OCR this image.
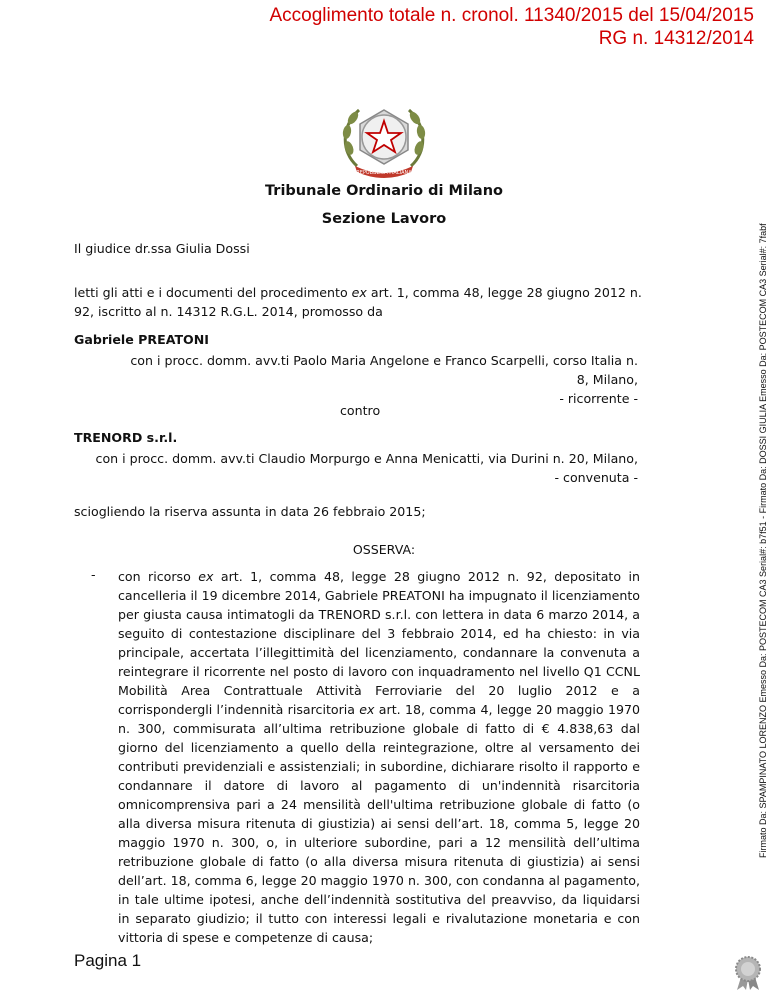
Accoglimento totale n. cronol. 11340/2015 del 15/04/2015
RG n. 14312/2014
REPUBBLICA ITALIANA
Tribunale Ordinario di Milano
Sezione Lavoro
Il giudice dr.ssa Giulia Dossi
letti gli atti e i documenti del procedimento ex art. 1, comma 48, legge 28 giugno 2012 n. 92, iscritto al n. 14312 R.G.L. 2014, promosso da
Gabriele PREATONI
con i procc. domm. avv.ti Paolo Maria Angelone e Franco Scarpelli, corso Italia n.
8, Milano,
- ricorrente -
contro
TRENORD s.r.l.
con i procc. domm. avv.ti Claudio Morpurgo e Anna Menicatti, via Durini n. 20, Milano,
- convenuta -
sciogliendo la riserva assunta in data 26 febbraio 2015;
OSSERVA:
- con ricorso ex art. 1, comma 48, legge 28 giugno 2012 n. 92, depositato in cancelleria il 19 dicembre 2014, Gabriele PREATONI ha impugnato il licenziamento per giusta causa intimatogli da TRENORD s.r.l. con lettera in data 6 marzo 2014, a seguito di contestazione disciplinare del 3 febbraio 2014, ed ha chiesto: in via principale, accertata l’illegittimità del licenziamento, condannare la convenuta a reintegrare il ricorrente nel posto di lavoro con inquadramento nel livello Q1 CCNL Mobilità Area Contrattuale Attività Ferroviarie del 20 luglio 2012 e a corrispondergli l’indennità risarcitoria ex art. 18, comma 4, legge 20 maggio 1970 n. 300, commisurata all’ultima retribuzione globale di fatto di € 4.838,63 dal giorno del licenziamento a quello della reintegrazione, oltre al versamento dei contributi previdenziali e assistenziali; in subordine, dichiarare risolto il rapporto e condannare il datore di lavoro al pagamento di un'indennità risarcitoria omnicomprensiva pari a 24 mensilità dell'ultima retribuzione globale di fatto (o alla diversa misura ritenuta di giustizia) ai sensi dell’art. 18, comma 5, legge 20 maggio 1970 n. 300, o, in ulteriore subordine, pari a 12 mensilità dell’ultima retribuzione globale di fatto (o alla diversa misura ritenuta di giustizia) ai sensi dell’art. 18, comma 6, legge 20 maggio 1970 n. 300, con condanna al pagamento, in tale ultime ipotesi, anche dell’indennità sostitutiva del preavviso, da liquidarsi in separato giudizio; il tutto con interessi legali e rivalutazione monetaria e con vittoria di spese e competenze di causa;
Pagina 1
Firmato Da: SPAMPINATO LORENZO Emesso Da: POSTECOM CA3 Serial#: b7f51 - Firmato Da: DOSSI GIULIA Emesso Da: POSTECOM CA3 Serial#: 7fabf
